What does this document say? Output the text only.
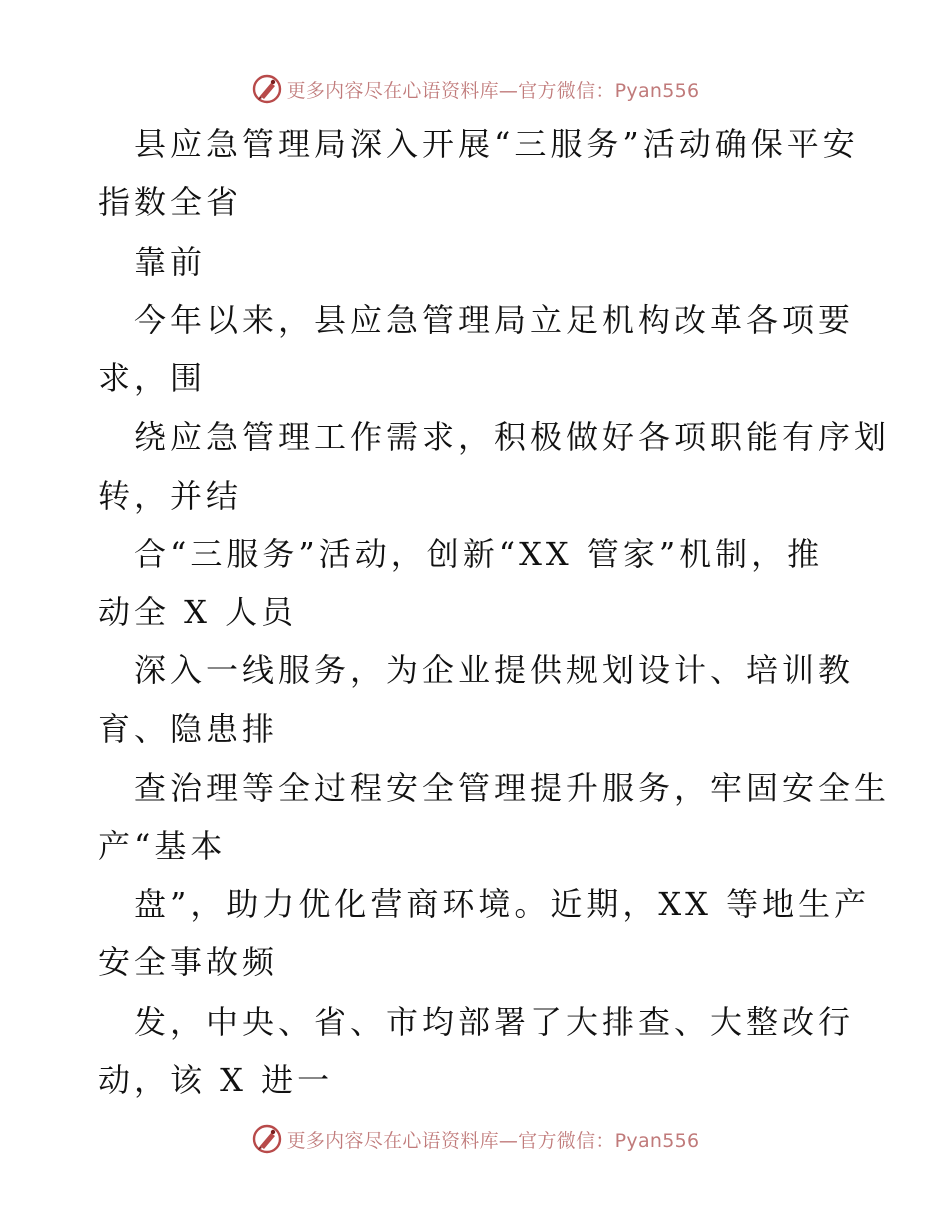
更多内容尽在心语资料库—官方微信：Pyan556
县应急管理局深入开展“三服务”活动确保平安
指数全省
靠前
今年以来，县应急管理局立足机构改革各项要
求，围
绕应急管理工作需求，积极做好各项职能有序划
转，并结
合“三服务”活动，创新“XX 管家”机制，推
动全 X 人员
深入一线服务，为企业提供规划设计、培训教
育、隐患排
查治理等全过程安全管理提升服务，牢固安全生
产“基本
盘”，助力优化营商环境。近期，XX 等地生产
安全事故频
发，中央、省、市均部署了大排查、大整改行
动，该 X 进一
更多内容尽在心语资料库—官方微信：Pyan556
